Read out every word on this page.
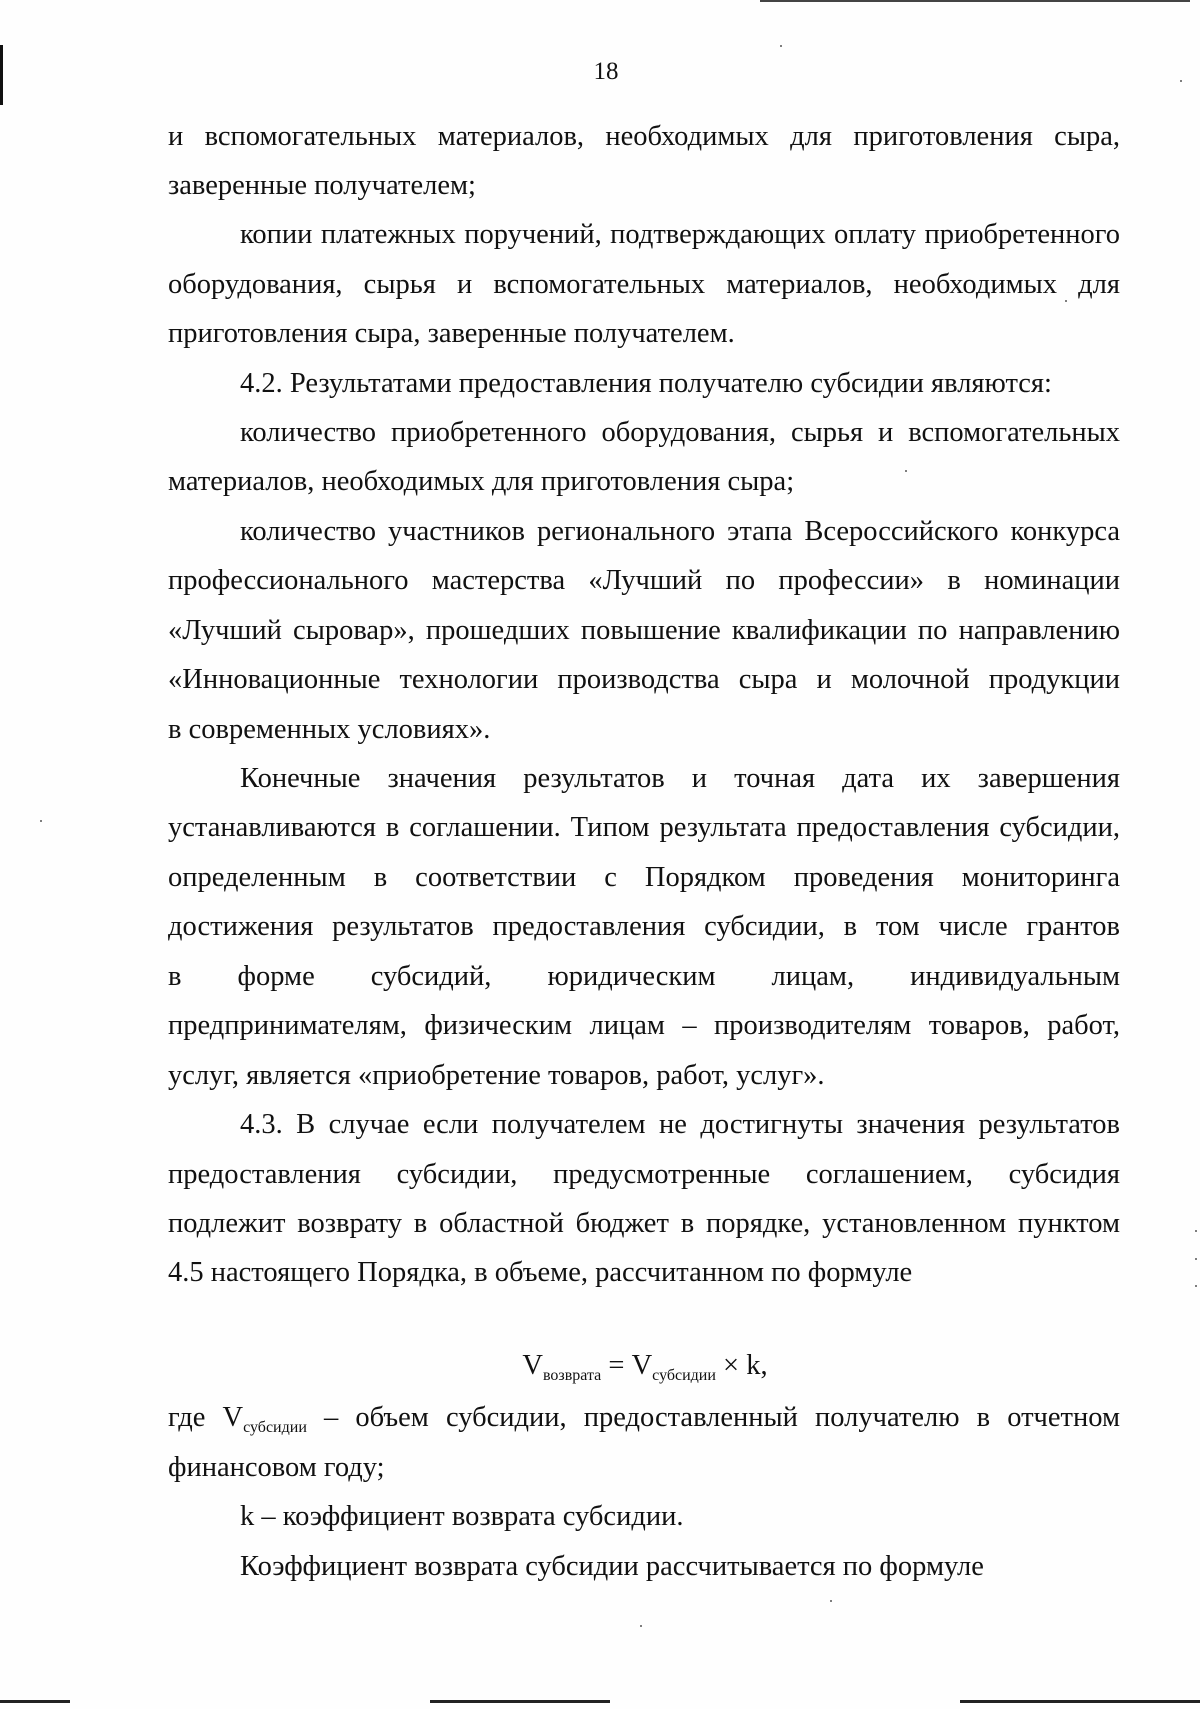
18
и вспомогательных материалов, необходимых для приготовления сыра,
заверенные получателем;
копии платежных поручений, подтверждающих оплату приобретенного
оборудования, сырья и вспомогательных материалов, необходимых для
приготовления сыра, заверенные получателем.
4.2. Результатами предоставления получателю субсидии являются:
количество приобретенного оборудования, сырья и вспомогательных
материалов, необходимых для приготовления сыра;
количество участников регионального этапа Всероссийского конкурса
профессионального мастерства «Лучший по профессии» в номинации
«Лучший сыровар», прошедших повышение квалификации по направлению
«Инновационные технологии производства сыра и молочной продукции
в современных условиях».
Конечные значения результатов и точная дата их завершения
устанавливаются в соглашении. Типом результата предоставления субсидии,
определенным в соответствии с Порядком проведения мониторинга
достижения результатов предоставления субсидии, в том числе грантов
в форме субсидий, юридическим лицам, индивидуальным
предпринимателям, физическим лицам – производителям товаров, работ,
услуг, является «приобретение товаров, работ, услуг».
4.3. В случае если получателем не достигнуты значения результатов
предоставления субсидии, предусмотренные соглашением, субсидия
подлежит возврату в областной бюджет в порядке, установленном пунктом
4.5 настоящего Порядка, в объеме, рассчитанном по формуле
$V_{возврата} = V_{субсидии} \times k$,
где $V_{субсидии}$ – объем субсидии, предоставленный получателю в отчетном
финансовом году;
k – коэффициент возврата субсидии.
Коэффициент возврата субсидии рассчитывается по формуле
